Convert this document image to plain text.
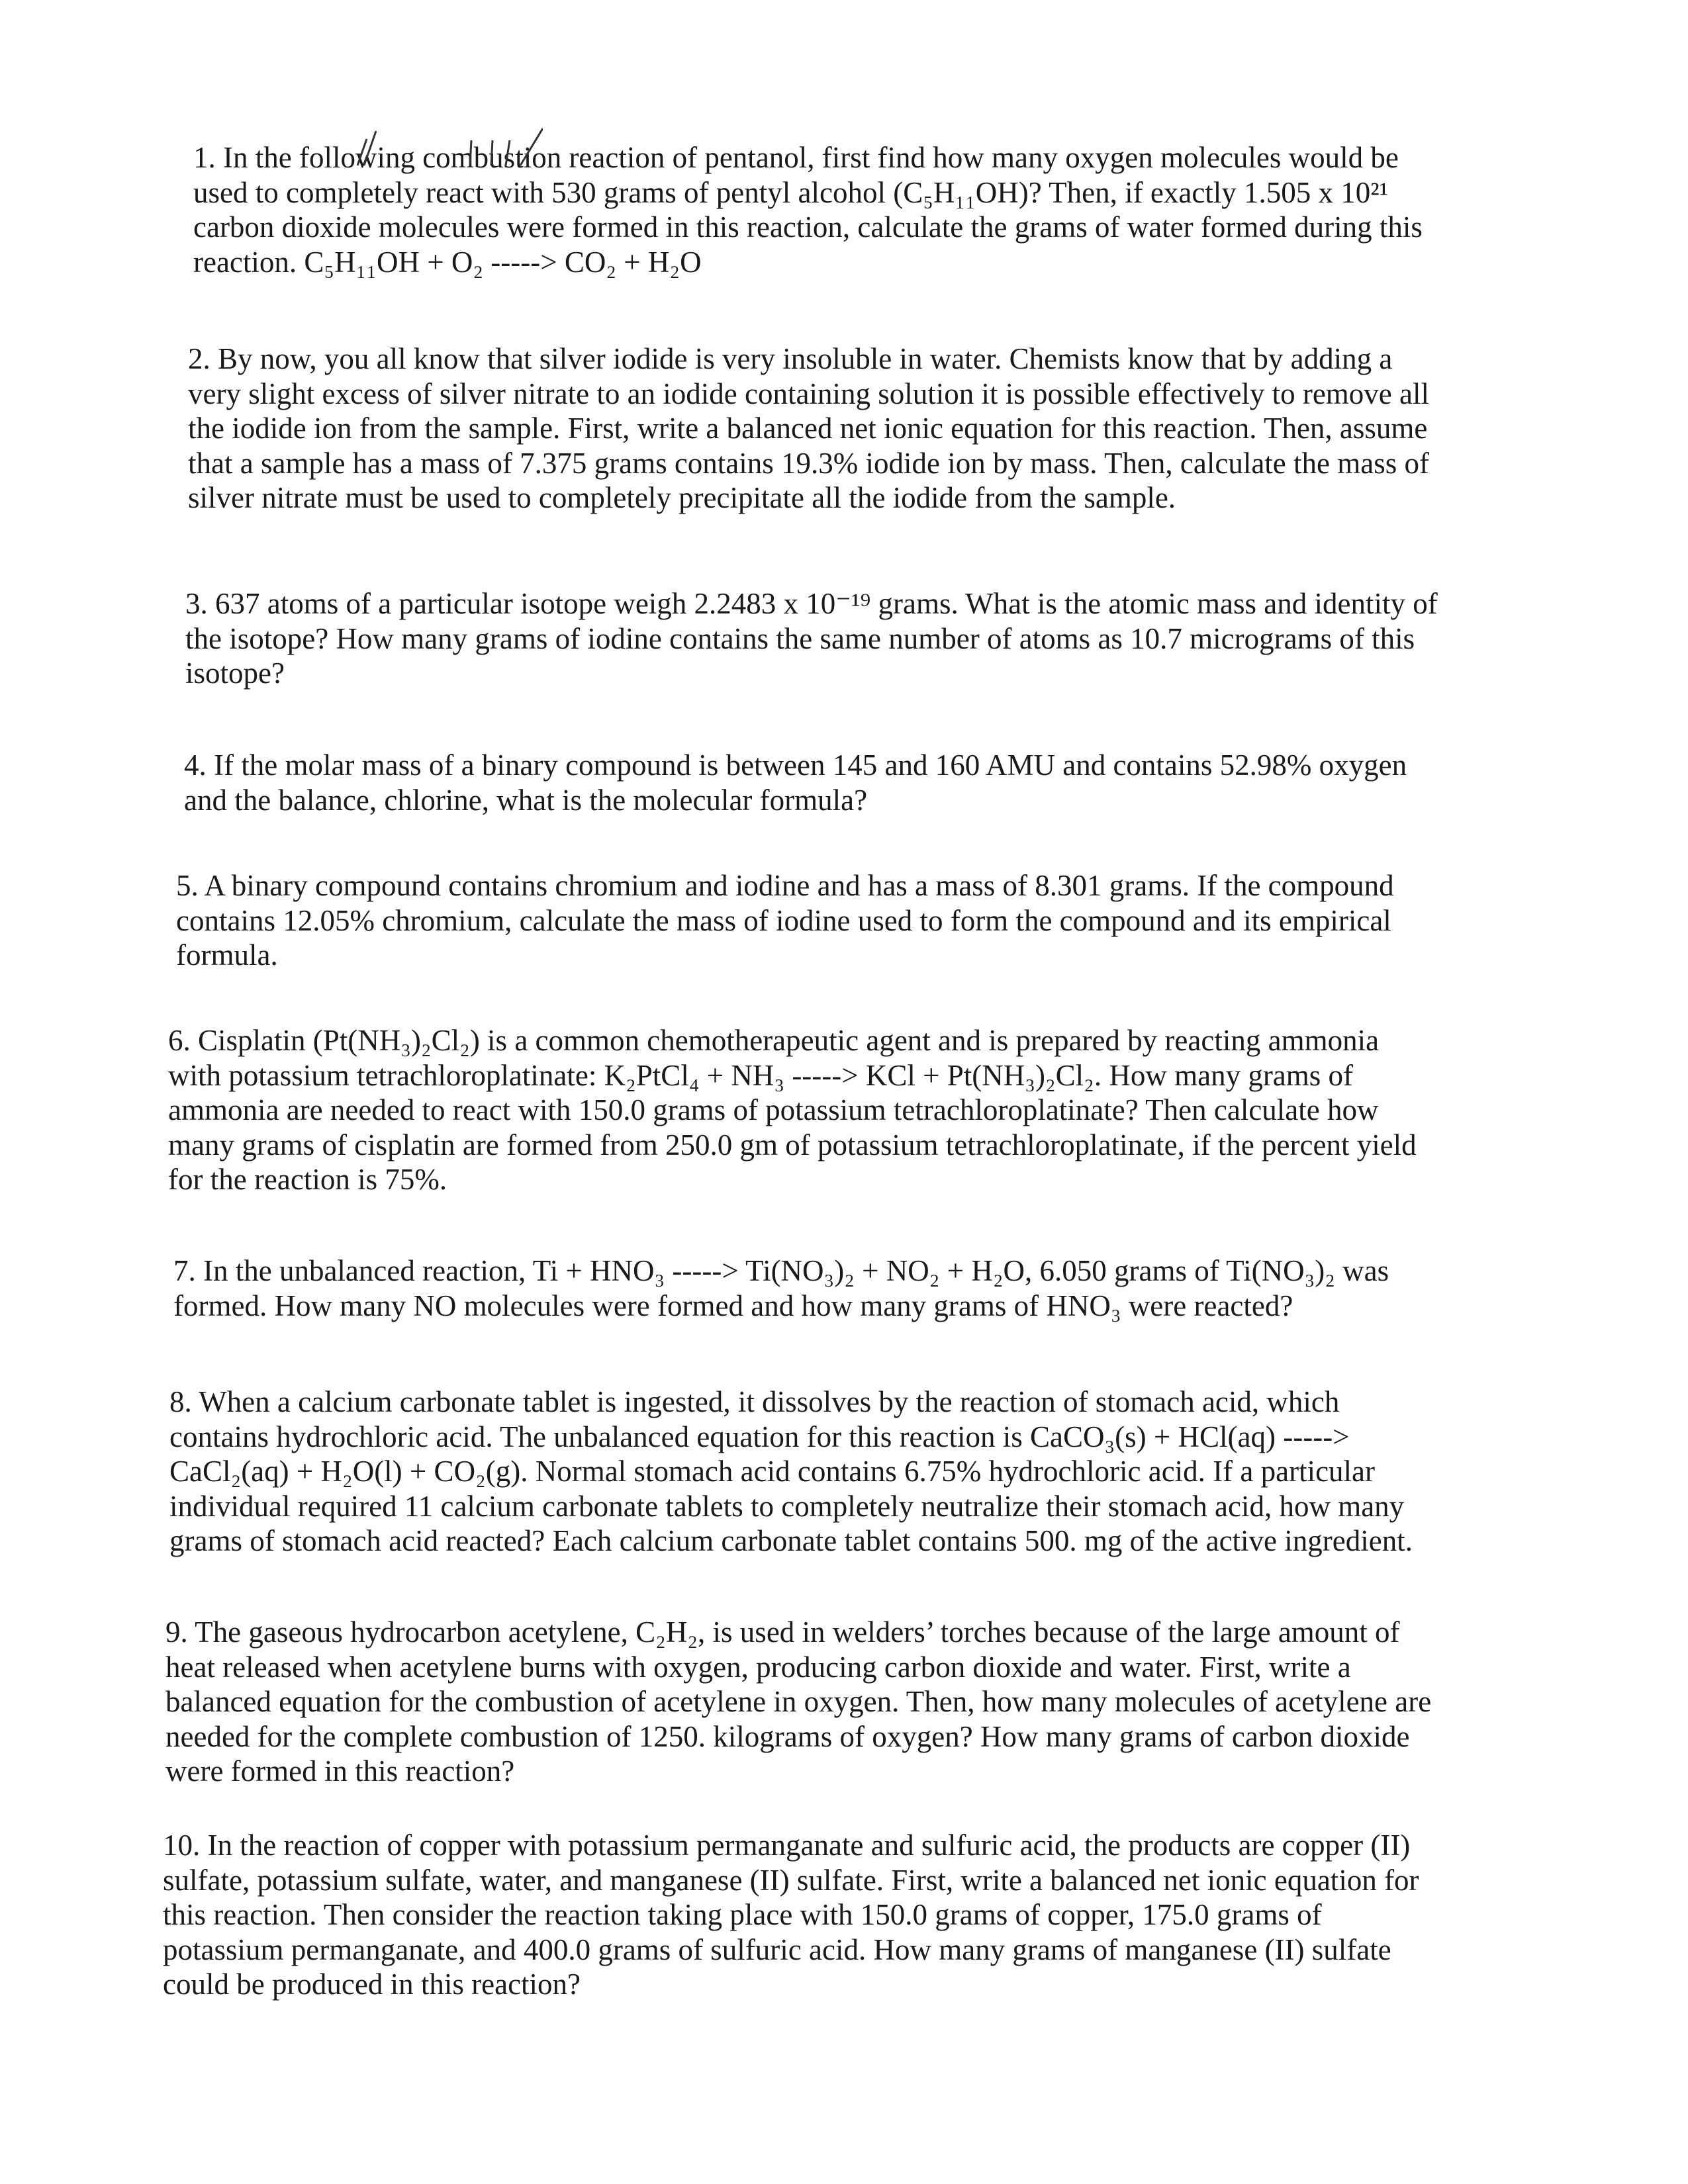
1. In the following combustion reaction of pentanol, first find how many oxygen molecules would be
used to completely react with 530 grams of pentyl alcohol (C₅H₁₁OH)? Then, if exactly 1.505 x 10²¹
carbon dioxide molecules were formed in this reaction, calculate the grams of water formed during this
reaction. C₅H₁₁OH + O₂ -----> CO₂ + H₂O
2. By now, you all know that silver iodide is very insoluble in water. Chemists know that by adding a
very slight excess of silver nitrate to an iodide containing solution it is possible effectively to remove all
the iodide ion from the sample. First, write a balanced net ionic equation for this reaction. Then, assume
that a sample has a mass of 7.375 grams contains 19.3% iodide ion by mass. Then, calculate the mass of
silver nitrate must be used to completely precipitate all the iodide from the sample.
3. 637 atoms of a particular isotope weigh 2.2483 x 10⁻¹⁹ grams. What is the atomic mass and identity of
the isotope? How many grams of iodine contains the same number of atoms as 10.7 micrograms of this
isotope?
4. If the molar mass of a binary compound is between 145 and 160 AMU and contains 52.98% oxygen
and the balance, chlorine, what is the molecular formula?
5. A binary compound contains chromium and iodine and has a mass of 8.301 grams. If the compound
contains 12.05% chromium, calculate the mass of iodine used to form the compound and its empirical
formula.
6. Cisplatin (Pt(NH₃)₂Cl₂) is a common chemotherapeutic agent and is prepared by reacting ammonia
with potassium tetrachloroplatinate: K₂PtCl₄ + NH₃ -----> KCl + Pt(NH₃)₂Cl₂. How many grams of
ammonia are needed to react with 150.0 grams of potassium tetrachloroplatinate? Then calculate how
many grams of cisplatin are formed from 250.0 gm of potassium tetrachloroplatinate, if the percent yield
for the reaction is 75%.
7. In the unbalanced reaction, Ti + HNO₃ -----> Ti(NO₃)₂ + NO₂ + H₂O, 6.050 grams of Ti(NO₃)₂ was
formed. How many NO molecules were formed and how many grams of HNO₃ were reacted?
8. When a calcium carbonate tablet is ingested, it dissolves by the reaction of stomach acid, which
contains hydrochloric acid. The unbalanced equation for this reaction is CaCO₃(s) + HCl(aq) ----->
CaCl₂(aq) + H₂O(l) + CO₂(g). Normal stomach acid contains 6.75% hydrochloric acid. If a particular
individual required 11 calcium carbonate tablets to completely neutralize their stomach acid, how many
grams of stomach acid reacted? Each calcium carbonate tablet contains 500. mg of the active ingredient.
9. The gaseous hydrocarbon acetylene, C₂H₂, is used in welders’ torches because of the large amount of
heat released when acetylene burns with oxygen, producing carbon dioxide and water. First, write a
balanced equation for the combustion of acetylene in oxygen. Then, how many molecules of acetylene are
needed for the complete combustion of 1250. kilograms of oxygen? How many grams of carbon dioxide
were formed in this reaction?
10. In the reaction of copper with potassium permanganate and sulfuric acid, the products are copper (II)
sulfate, potassium sulfate, water, and manganese (II) sulfate. First, write a balanced net ionic equation for
this reaction. Then consider the reaction taking place with 150.0 grams of copper, 175.0 grams of
potassium permanganate, and 400.0 grams of sulfuric acid. How many grams of manganese (II) sulfate
could be produced in this reaction?
